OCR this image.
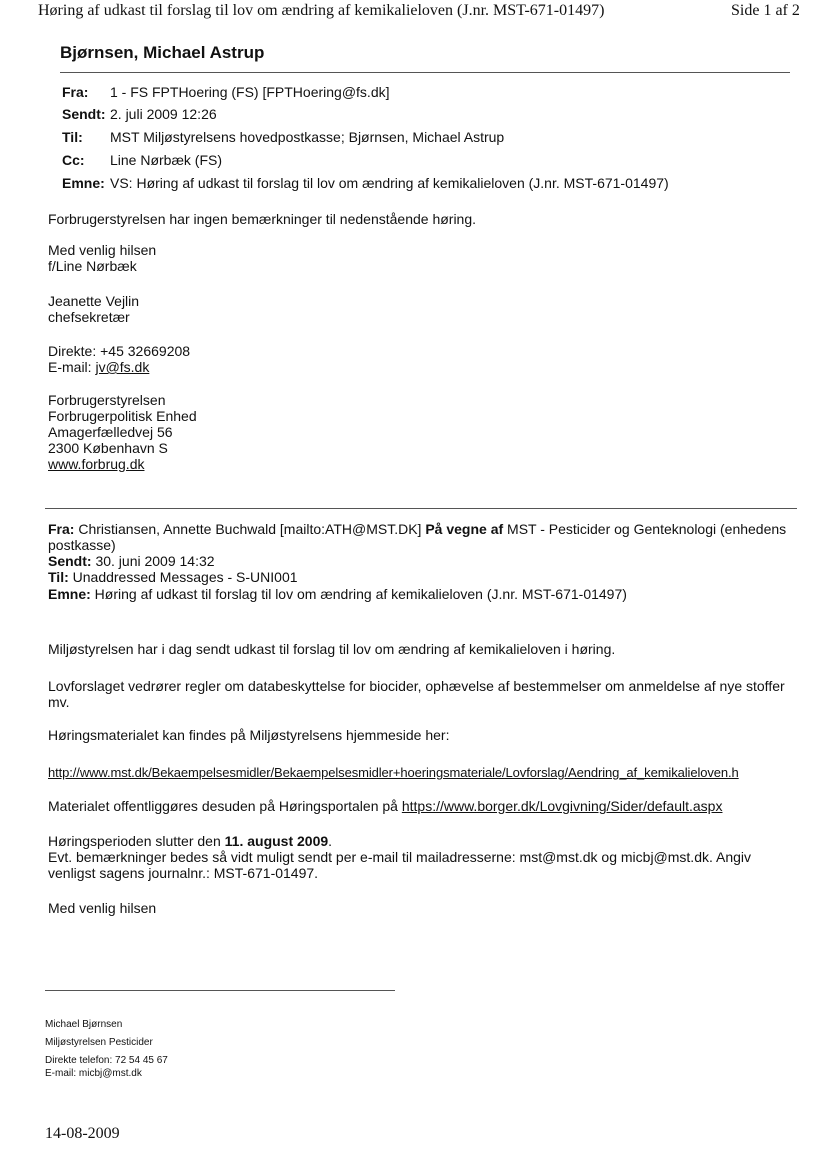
Høring af udkast til forslag til lov om ændring af kemikalieloven (J.nr. MST-671-01497)	Side 1 af 2
Bjørnsen, Michael Astrup
Fra: 1 - FS FPTHoering (FS) [FPTHoering@fs.dk]
Sendt: 2. juli 2009 12:26
Til: MST Miljøstyrelsens hovedpostkasse; Bjørnsen, Michael Astrup
Cc: Line Nørbæk (FS)
Emne: VS: Høring af udkast til forslag til lov om ændring af kemikalieloven (J.nr. MST-671-01497)
Forbrugerstyrelsen har ingen bemærkninger til nedenstående høring.
Med venlig hilsen
f/Line Nørbæk
Jeanette Vejlin
chefsekretær
Direkte: +45 32669208
E-mail: jv@fs.dk
Forbrugerstyrelsen
Forbrugerpolitisk Enhed
Amagerfælledvej 56
2300 København S
www.forbrug.dk
Fra: Christiansen, Annette Buchwald [mailto:ATH@MST.DK] På vegne af MST - Pesticider og Genteknologi (enhedens
postkasse)
Sendt: 30. juni 2009 14:32
Til: Unaddressed Messages - S-UNI001
Emne: Høring af udkast til forslag til lov om ændring af kemikalieloven (J.nr. MST-671-01497)
Miljøstyrelsen har i dag sendt udkast til forslag til lov om ændring af kemikalieloven i høring.
Lovforslaget vedrører regler om databeskyttelse for biocider, ophævelse af bestemmelser om anmeldelse af nye stoffer
mv.
Høringsmaterialet kan findes på Miljøstyrelsens hjemmeside her:
http://www.mst.dk/Bekaempelsesmidler/Bekaempelsesmidler+hoeringsmateriale/Lovforslag/Aendring_af_kemikalieloven.h
Materialet offentliggøres desuden på Høringsportalen på https://www.borger.dk/Lovgivning/Sider/default.aspx
Høringsperioden slutter den 11. august 2009.
Evt. bemærkninger bedes så vidt muligt sendt per e-mail til mailadresserne: mst@mst.dk og micbj@mst.dk. Angiv
venligst sagens journalnr.: MST-671-01497.
Med venlig hilsen
Michael Bjørnsen
Miljøstyrelsen Pesticider
Direkte telefon: 72 54 45 67
E-mail: micbj@mst.dk
14-08-2009
